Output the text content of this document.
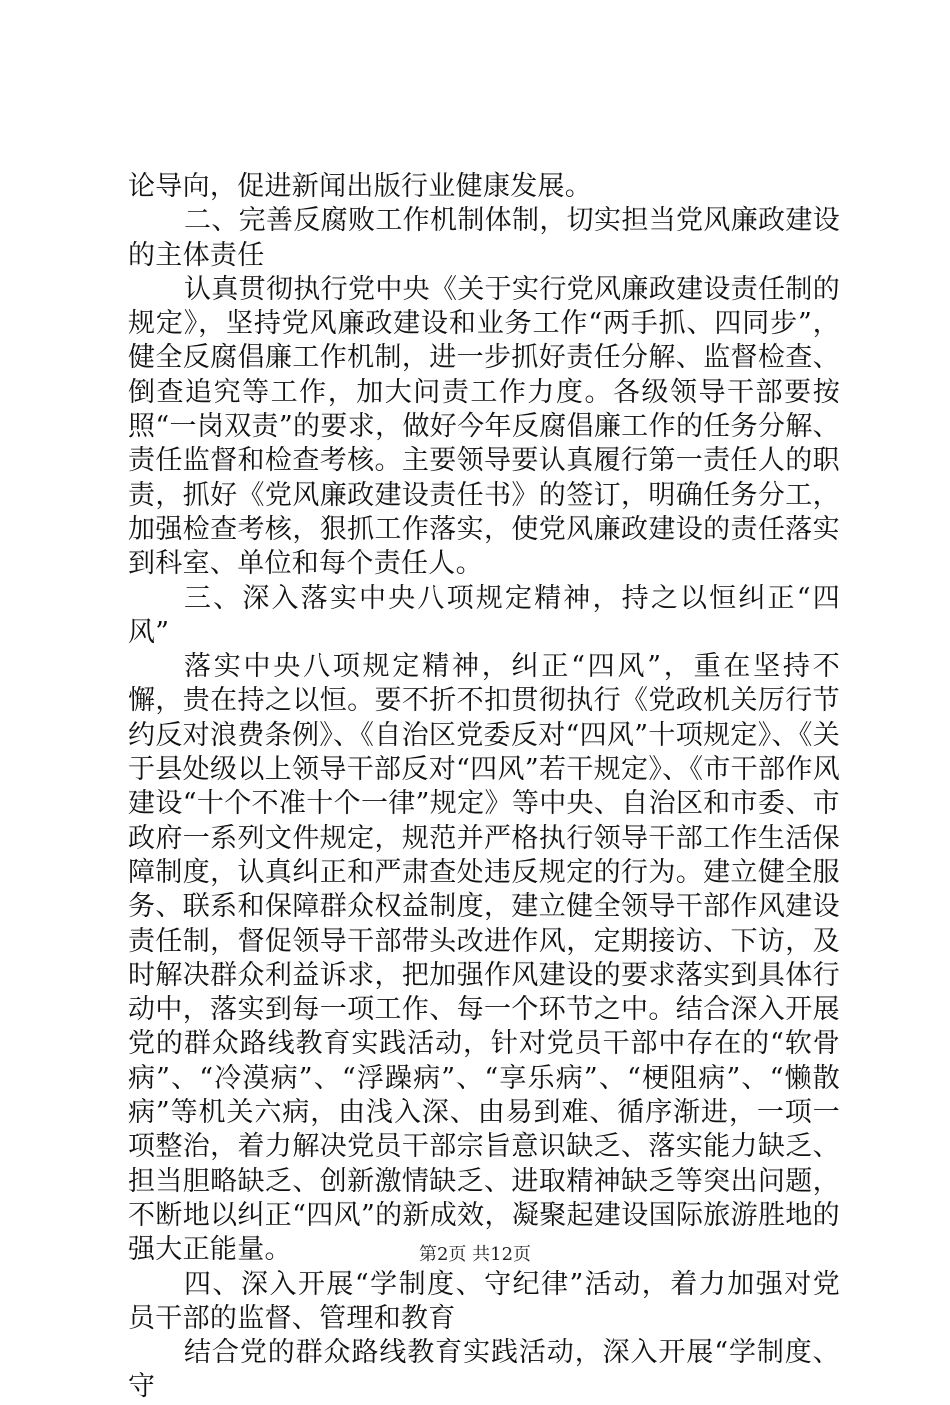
论导向，促进新闻出版行业健康发展。

二、完善反腐败工作机制体制，切实担当党风廉政建设的主体责任

认真贯彻执行党中央《关于实行党风廉政建设责任制的规定》，坚持党风廉政建设和业务工作“两手抓、四同步”，健全反腐倡廉工作机制，进一步抓好责任分解、监督检查、倒查追究等工作，加大问责工作力度。各级领导干部要按照“一岗双责”的要求，做好今年反腐倡廉工作的任务分解、责任监督和检查考核。主要领导要认真履行第一责任人的职责，抓好《党风廉政建设责任书》的签订，明确任务分工，加强检查考核，狠抓工作落实，使党风廉政建设的责任落实到科室、单位和每个责任人。

三、深入落实中央八项规定精神，持之以恒纠正“四风”

落实中央八项规定精神，纠正“四风”，重在坚持不懈，贵在持之以恒。要不折不扣贯彻执行《党政机关厉行节约反对浪费条例》、《自治区党委反对“四风”十项规定》、《关于县处级以上领导干部反对“四风”若干规定》、《市干部作风建设“十个不准十个一律”规定》等中央、自治区和市委、市政府一系列文件规定，规范并严格执行领导干部工作生活保障制度，认真纠正和严肃查处违反规定的行为。建立健全服务、联系和保障群众权益制度，建立健全领导干部作风建设责任制，督促领导干部带头改进作风，定期接访、下访，及时解决群众利益诉求，把加强作风建设的要求落实到具体行动中，落实到每一项工作、每一个环节之中。结合深入开展党的群众路线教育实践活动，针对党员干部中存在的“软骨病”、“冷漠病”、“浮躁病”、“享乐病”、“梗阻病”、“懒散病”等机关六病，由浅入深、由易到难、循序渐进，一项一项整治，着力解决党员干部宗旨意识缺乏、落实能力缺乏、担当胆略缺乏、创新激情缺乏、进取精神缺乏等突出问题，不断地以纠正“四风”的新成效，凝聚起建设国际旅游胜地的强大正能量。

四、深入开展“学制度、守纪律”活动，着力加强对党员干部的监督、管理和教育

结合党的群众路线教育实践活动，深入开展“学制度、守

第2页 共12页
